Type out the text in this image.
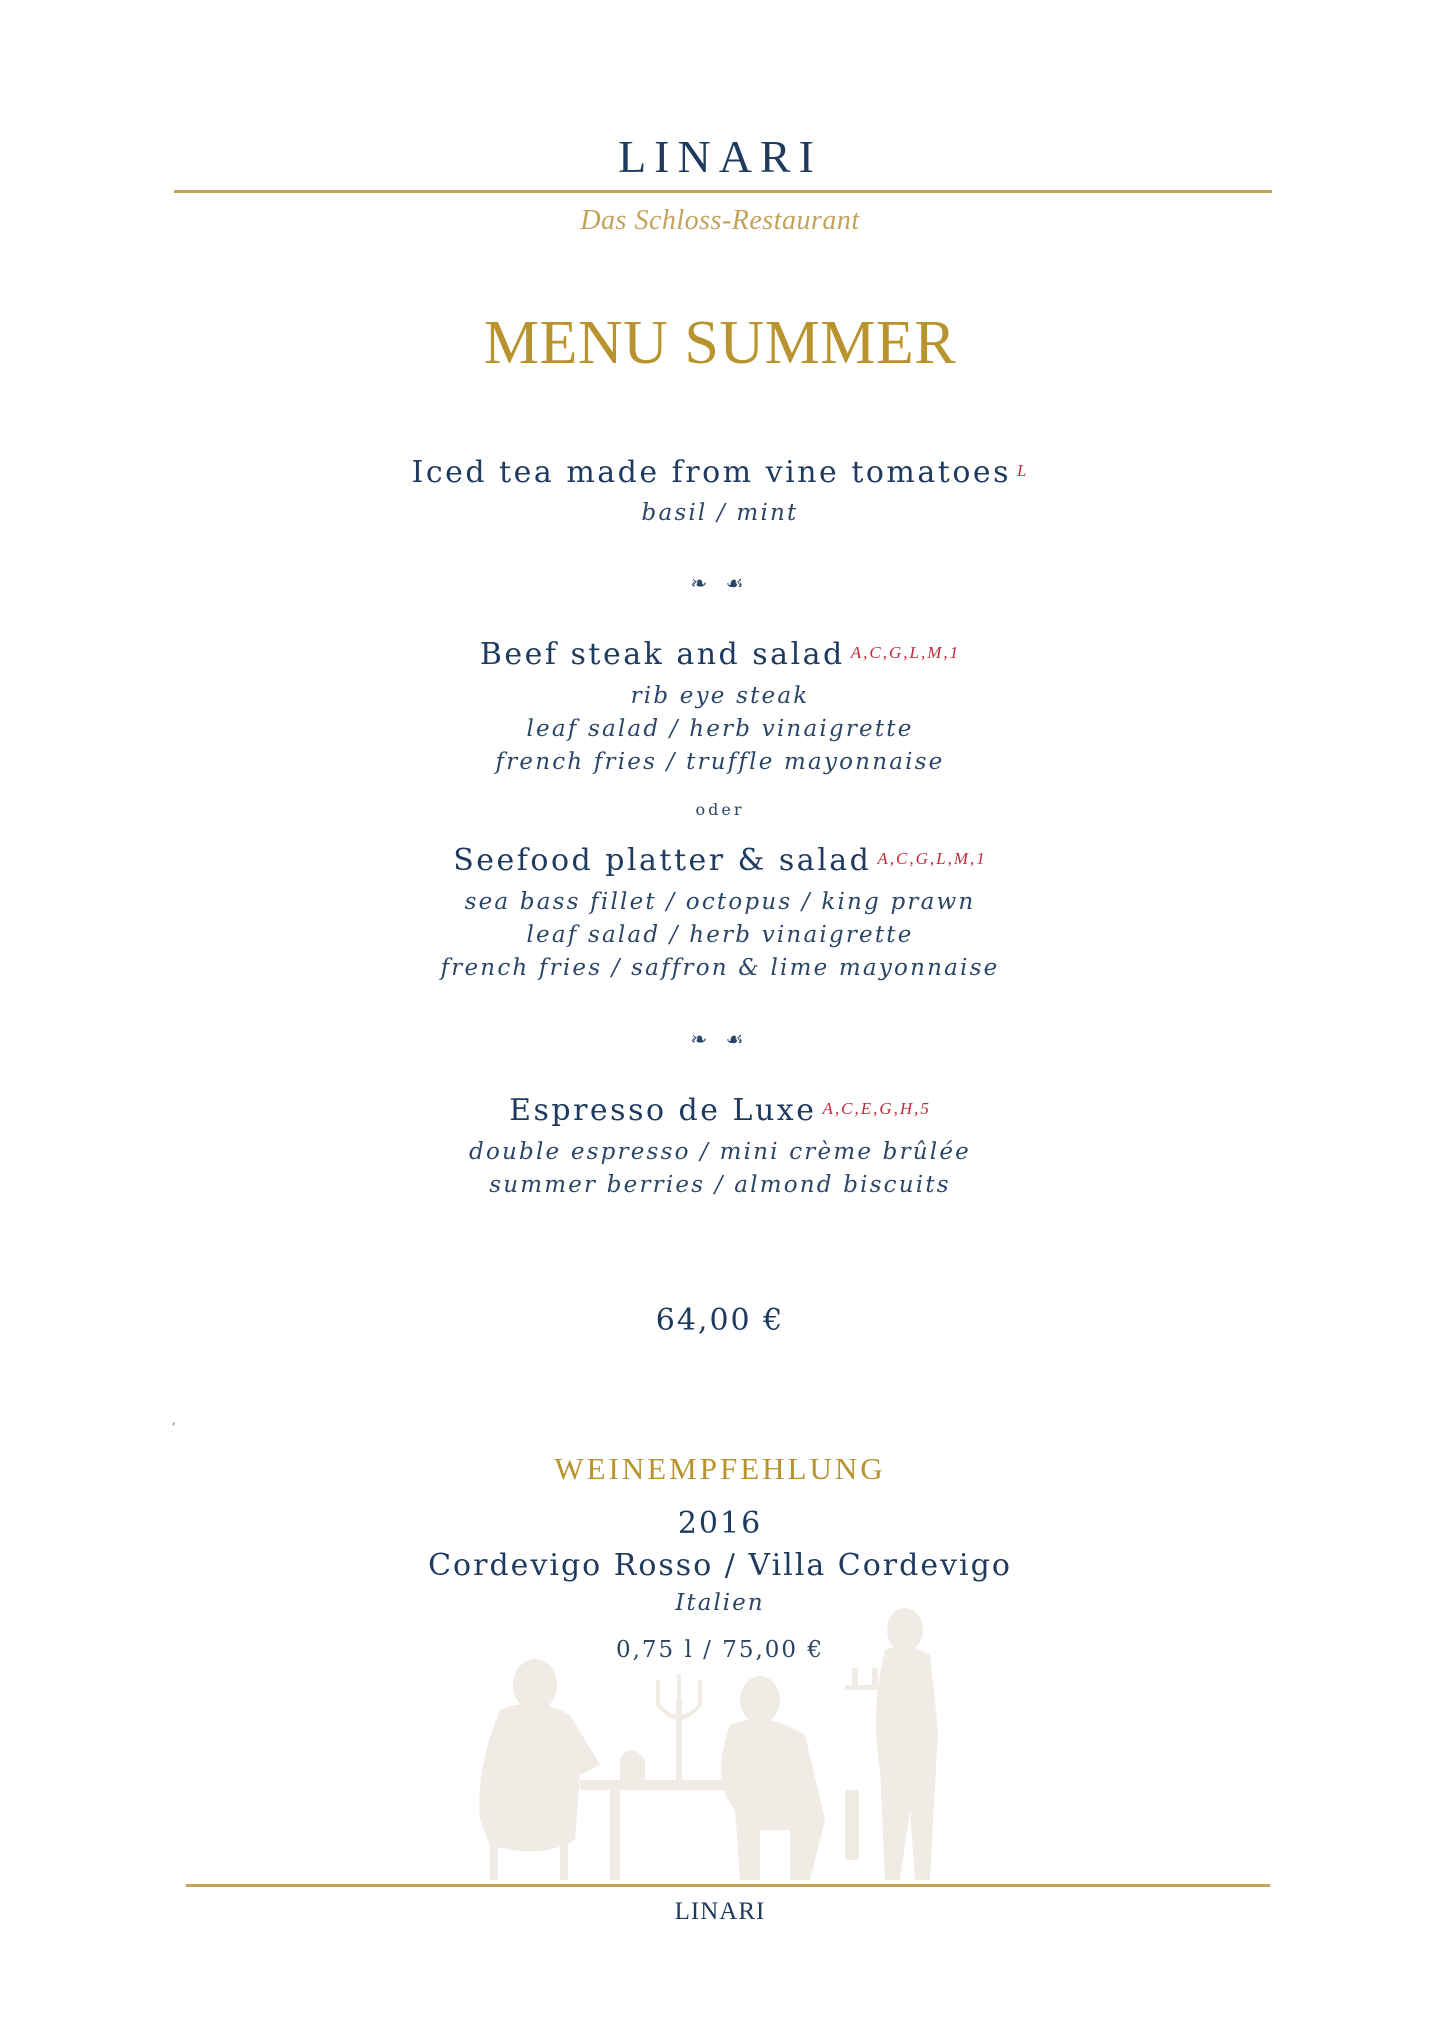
LINARI
Das Schloss-Restaurant
MENU SUMMER
Iced tea made from vine tomatoes L
basil / mint
❧ ☙
Beef steak and salad A,C,G,L,M,1
rib eye steak
leaf salad / herb vinaigrette
french fries / truffle mayonnaise
oder
Seefood platter & salad A,C,G,L,M,1
sea bass fillet / octopus / king prawn
leaf salad / herb vinaigrette
french fries / saffron & lime mayonnaise
❧ ☙
Espresso de Luxe A,C,E,G,H,5
double espresso / mini crème brûlée
summer berries / almond biscuits
64,00 €
,
WEINEMPFEHLUNG
2016
Cordevigo Rosso / Villa Cordevigo
Italien
0,75 l / 75,00 €
LINARI
